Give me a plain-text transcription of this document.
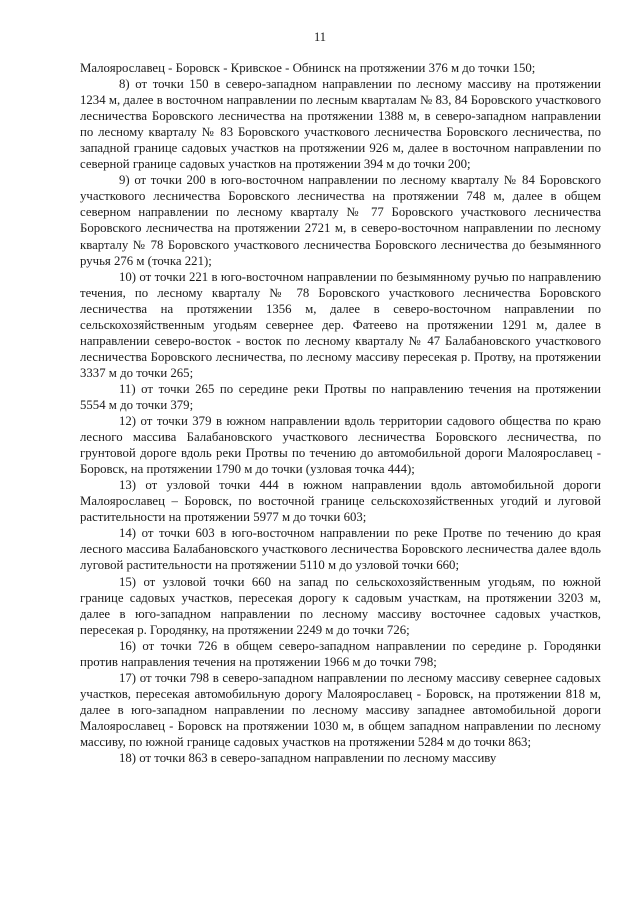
11

Малоярославец - Боровск - Кривское - Обнинск на протяжении 376 м до точки 150;

8) от точки 150 в северо-западном направлении по лесному массиву на протяжении 1234 м, далее в восточном направлении по лесным кварталам № 83, 84 Боровского участкового лесничества Боровского лесничества на протяжении 1388 м, в северо-западном направлении по лесному кварталу № 83 Боровского участкового лесничества Боровского лесничества, по западной границе садовых участков на протяжении 926 м, далее в восточном направлении по северной границе садовых участков на протяжении 394 м до точки 200;

9) от точки 200 в юго-восточном направлении по лесному кварталу № 84 Боровского участкового лесничества Боровского лесничества на протяжении 748 м, далее в общем северном направлении по лесному кварталу № 77 Боровского участкового лесничества Боровского лесничества на протяжении 2721 м, в северо-восточном направлении по лесному кварталу № 78 Боровского участкового лесничества Боровского лесничества до безымянного ручья 276 м (точка 221);

10) от точки 221 в юго-восточном направлении по безымянному ручью по направлению течения, по лесному кварталу № 78 Боровского участкового лесничества Боровского лесничества на протяжении 1356 м, далее в северо-восточном направлении по сельскохозяйственным угодьям севернее дер. Фатеево на протяжении 1291 м, далее в направлении северо-восток - восток по лесному кварталу № 47 Балабановского участкового лесничества Боровского лесничества, по лесному массиву пересекая р. Протву, на протяжении 3337 м до точки 265;

11) от точки 265 по середине реки Протвы по направлению течения на протяжении 5554 м до точки 379;

12) от точки 379 в южном направлении вдоль территории садового общества по краю лесного массива Балабановского участкового лесничества Боровского лесничества, по грунтовой дороге вдоль реки Протвы по течению до автомобильной дороги Малоярославец - Боровск, на протяжении 1790 м до точки (узловая точка 444);

13) от узловой точки 444 в южном направлении вдоль автомобильной дороги Малоярославец – Боровск, по восточной границе сельскохозяйственных угодий и луговой растительности на протяжении 5977 м до точки 603;

14) от точки 603 в юго-восточном направлении по реке Протве по течению до края лесного массива Балабановского участкового лесничества Боровского лесничества далее вдоль луговой растительности на протяжении 5110 м до узловой точки 660;

15) от узловой точки 660 на запад по сельскохозяйственным угодьям, по южной границе садовых участков, пересекая дорогу к садовым участкам, на протяжении 3203 м, далее в юго-западном направлении по лесному массиву восточнее садовых участков, пересекая р. Городянку, на протяжении 2249 м до точки 726;

16) от точки 726 в общем северо-западном направлении по середине р. Городянки против направления течения на протяжении 1966 м до точки 798;

17) от точки 798 в северо-западном направлении по лесному массиву севернее садовых участков, пересекая автомобильную дорогу Малоярославец - Боровск, на протяжении 818 м, далее в юго-западном направлении по лесному массиву западнее автомобильной дороги Малоярославец - Боровск на протяжении 1030 м, в общем западном направлении по лесному массиву, по южной границе садовых участков на протяжении 5284 м до точки 863;

18) от точки 863 в северо-западном направлении по лесному массиву
